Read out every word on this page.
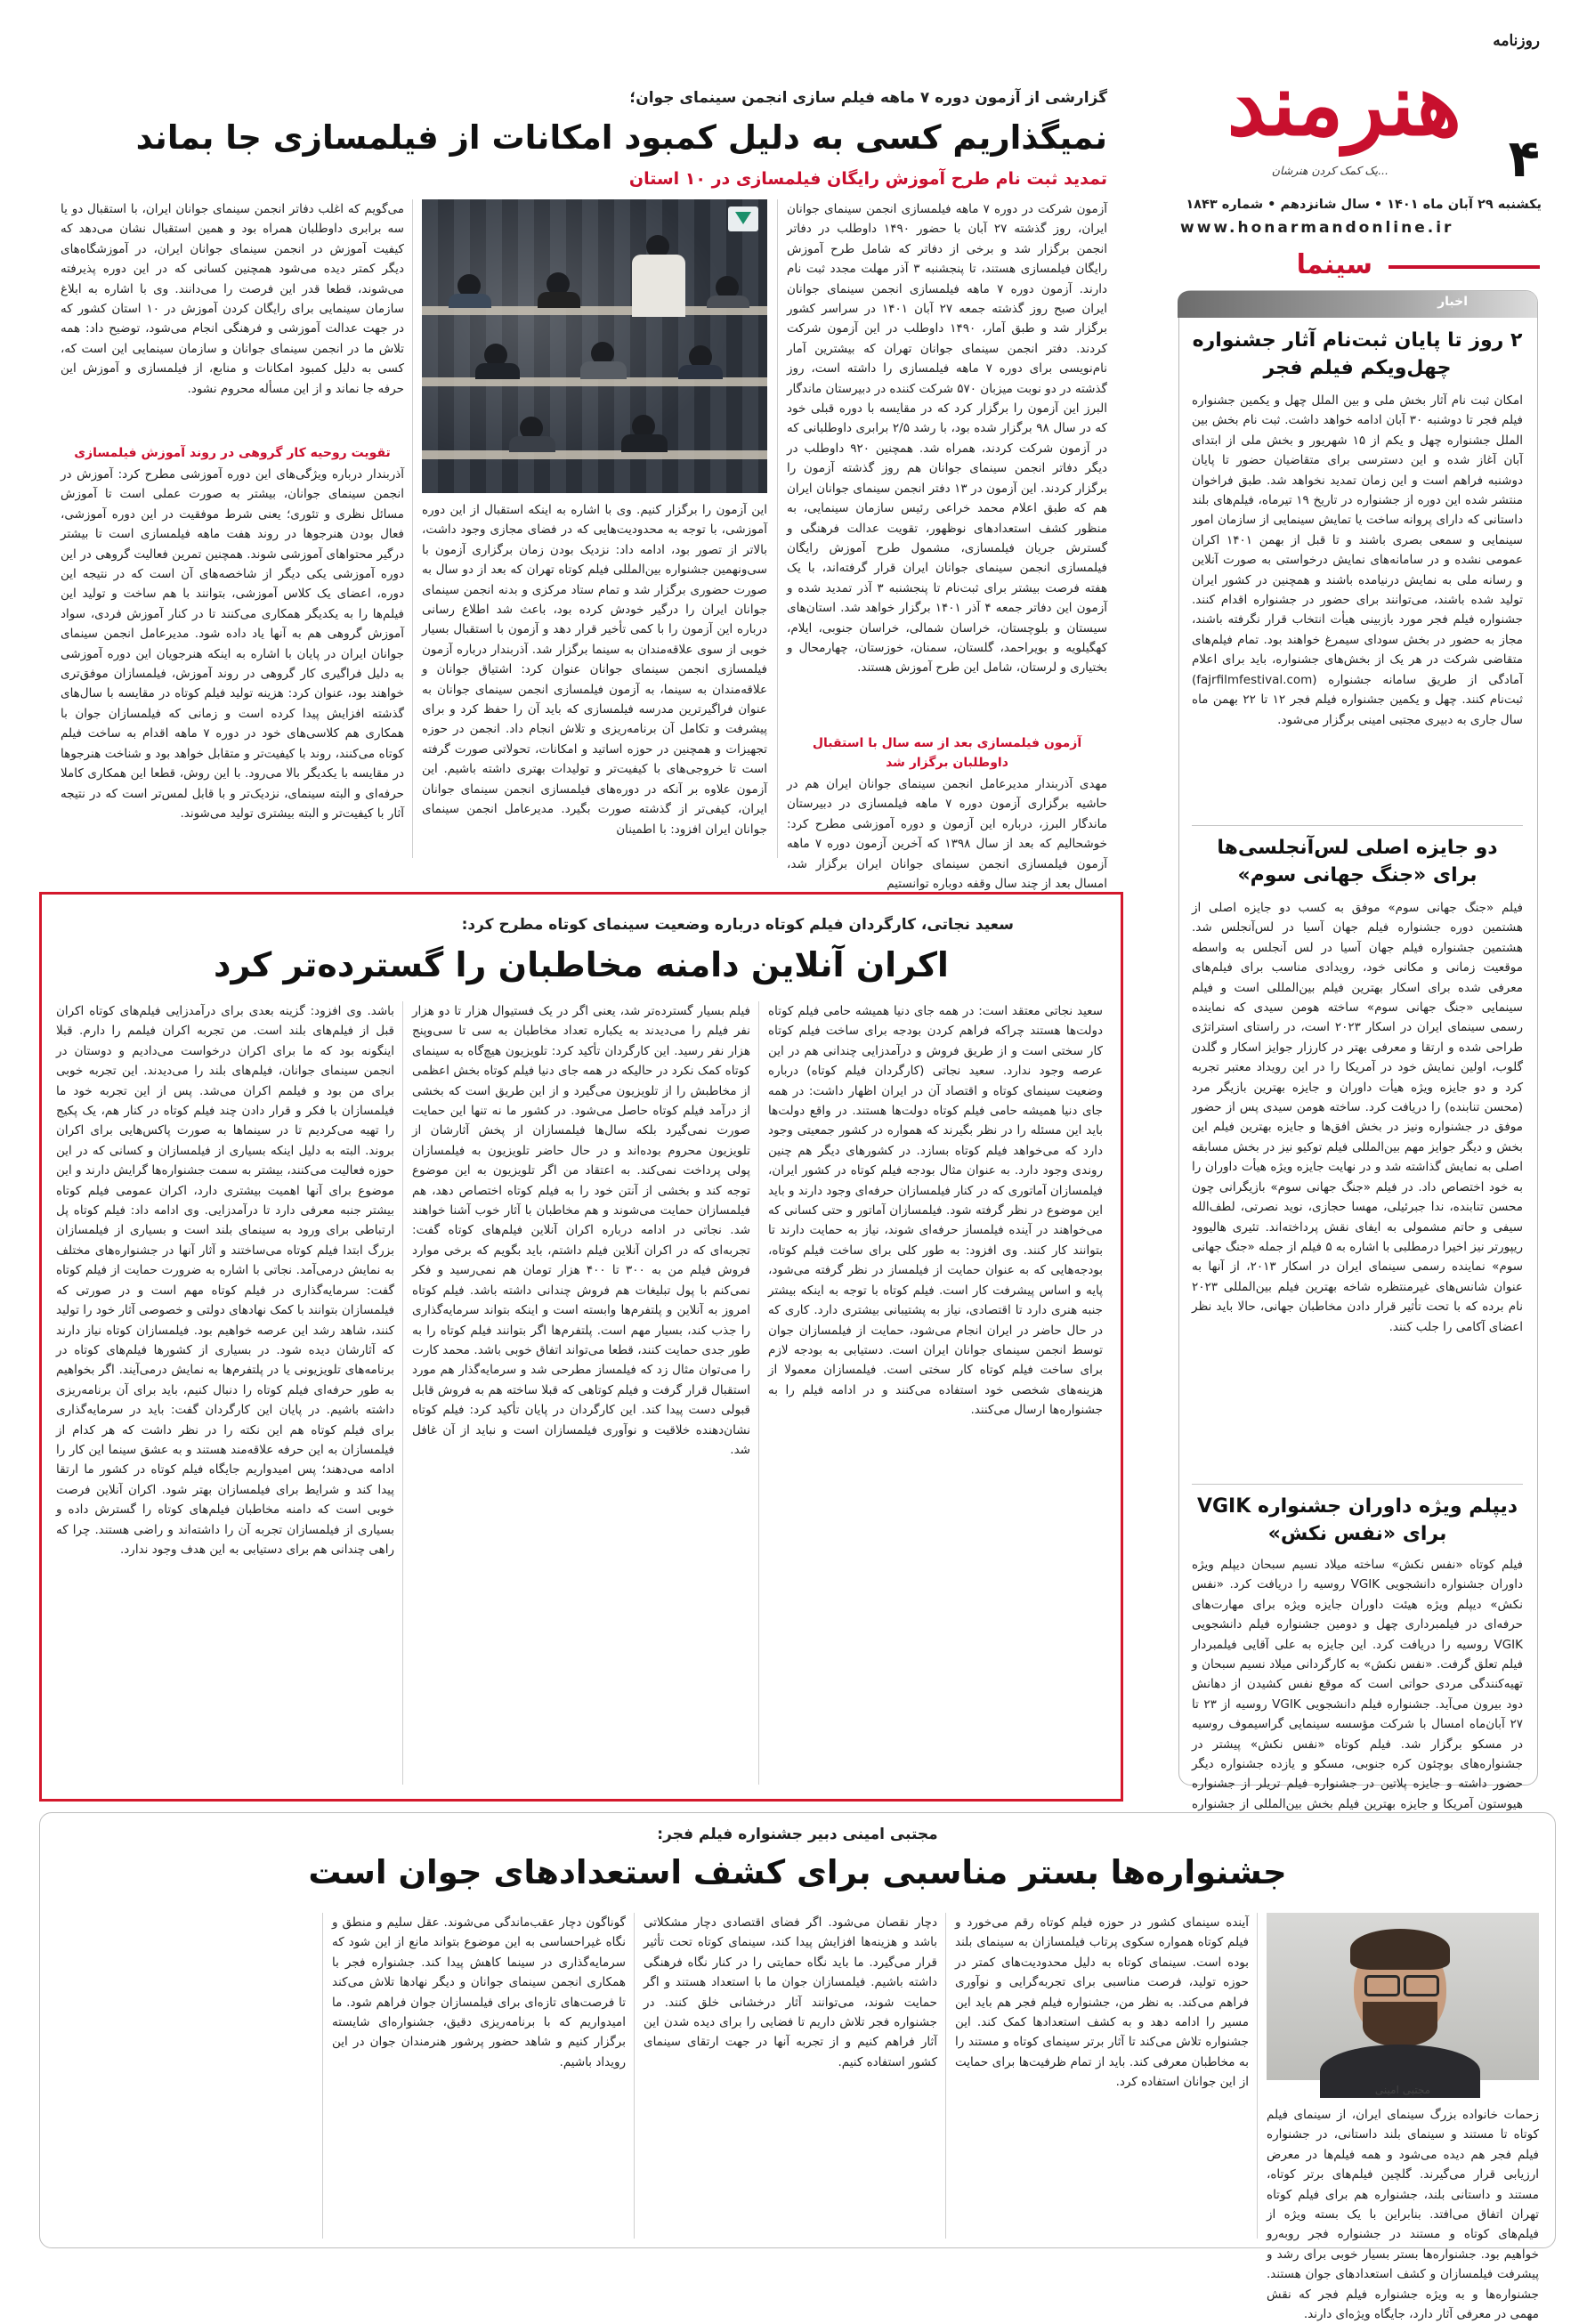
روزنامه
هنرمند
...یک کمک کردن هنرشان ۴
یکشنبه ۲۹ آبان ماه ۱۴۰۱ • سال شانزدهم • شماره ۱۸۴۳
www.honarmandonline.ir
سینما
اخبار
۲ روز تا پایان ثبت‌نام آثار جشنواره چهل‌ویکم فیلم فجر
امکان ثبت نام آثار بخش ملی و بین الملل چهل و یکمین جشنواره فیلم فجر تا دوشنبه ۳۰ آبان ادامه خواهد داشت. ثبت نام بخش بین الملل جشنواره چهل و یکم از ۱۵ شهریور و بخش ملی از ابتدای آبان آغاز شده و این دسترسی برای متقاضیان حضور تا پایان دوشنبه فراهم است و این زمان تمدید نخواهد شد. طبق فراخوان منتشر شده این دوره از جشنواره در تاریخ ۱۹ تیرماه، فیلم‌های بلند داستانی که دارای پروانه ساخت یا تمایش سینمایی از سازمان امور سینمایی و سمعی بصری باشند و تا قبل از بهمن ۱۴۰۱ اکران عمومی نشده و در سامانه‌های نمایش درخواستی به صورت آنلاین و رسانه ملی به نمایش درنیامده باشند و همچنین در کشور ایران تولید شده باشند، می‌توانند برای حضور در جشنواره اقدام کنند. جشنواره فیلم فجر مورد بازبینی هیأت انتخاب قرار نگرفته باشند، مجاز به حضور در بخش سودای سیمرغ خواهند بود. تمام فیلم‌های متقاضی شرکت در هر یک از بخش‌های جشنواره، باید برای اعلام آمادگی از طریق سامانه جشنواره (fajrfilmfestival.com) ثبت‌نام کنند. چهل و یکمین جشنواره فیلم فجر ۱۲ تا ۲۲ بهمن ماه سال جاری به دبیری مجتبی امینی برگزار می‌شود.
دو جایزه اصلی لس‌آنجلسی‌ها برای «جنگ جهانی سوم»
فیلم «جنگ جهانی سوم» موفق به کسب دو جایزه اصلی از هشتمین دوره جشنواره فیلم جهان آسیا در لس‌آنجلس شد. هشتمین جشنواره فیلم جهان آسیا در لس آنجلس به واسطه موقعیت زمانی و مکانی خود، رویدادی مناسب برای فیلم‌های معرفی شده برای اسکار بهترین فیلم بین‌المللی است و فیلم سینمایی «جنگ جهانی سوم» ساخته هومن سیدی که نماینده رسمی سینمای ایران در اسکار ۲۰۲۳ است، در راستای استراتژی طراحی شده و ارتقا و معرفی بهتر در کارزار جوایز اسکار و گلدن گلوب، اولین نمایش خود در آمریکا را در این رویداد معتبر تجربه کرد و دو جایزه ویژه هیأت داوران و جایزه بهترین بازیگر مرد (محسن تنابنده) را دریافت کرد. ساخته هومن سیدی پس از حضور موفق در جشنواره ونیز در بخش افق‌ها و جایزه بهترین فیلم این بخش و دیگر جوایز مهم بین‌المللی فیلم توکیو نیز در بخش مسابقه اصلی به نمایش گذاشته شد و در نهایت جایزه ویژه هیأت داوران را به خود اختصاص داد. در فیلم «جنگ جهانی سوم» بازیگرانی چون محسن تنابنده، ندا جبرئیلی، مهسا حجازی، نوید نصرتی، لطف‌الله سیفی و حاتم مشمولی به ایفای نقش پرداخته‌اند. تئیری هالیوود ریپورتر نیز اخیرا درمطلبی با اشاره به ۵ فیلم از جمله «جنگ جهانی سوم» نماینده رسمی سینمای ایران در اسکار ۲۰۱۳، از آنها به عنوان شانس‌های غیرمنتظره شاخه بهترین فیلم بین‌المللی ۲۰۲۳ نام برده که با تحت تأثیر قرار دادن مخاطبان جهانی، حالا باید نظر اعضای آکامی را جلب کنند.
دیپلم ویژه داوران جشنواره VGIK برای «نفس نکش»
فیلم کوتاه «نفس نکش» ساخته میلاد نسیم سبحان دیپلم ویژه داوران جشنواره دانشجویی VGIK روسیه را دریافت کرد. «نفس نکش» دیپلم ویژه هیئت داوران جایزه ویژه برای مهارت‌های حرفه‌ای در فیلمبرداری چهل و دومین جشنواره فیلم دانشجویی VGIK روسیه را دریافت کرد. این جایزه به علی آقایی فیلمبردار فیلم تعلق گرفت. «نفس نکش» به کارگردانی میلاد نسیم سبحان و تهیه‌کنندگی مردی حواتی است که موقع نفس کشیدن از دهانش دود بیرون می‌آید. جشنواره فیلم دانشجویی VGIK روسیه از ۲۳ تا ۲۷ آبان‌ماه امسال با شرکت مؤسسه سینمایی گراسیموف روسیه در مسکو برگزار شد. فیلم کوتاه «نفس نکش» پیشتر در جشنواره‌های بوچئون کره جنوبی، مسکو و یازده جشنواره دیگر حضور داشته و جایزه پلاتین در جشنواره فیلم تریلر از جشنواره هیوستون آمریکا و جایزه بهترین فیلم بخش بین‌المللی از جشنواره
گزارشی از آزمون دوره ۷ ماهه فیلم سازی انجمن سینمای جوان؛
نمیگذاریم کسی به دلیل کمبود امکانات از فیلمسازی جا بماند
تمدید ثبت نام طرح آموزش رایگان فیلمسازی در ۱۰ استان
آزمون شرکت در دوره ۷ ماهه فیلمسازی انجمن سینمای جوانان ایران، روز گذشته ۲۷ آبان با حضور ۱۴۹۰ داوطلب در دفاتر انجمن برگزار شد و برخی از دفاتر که شامل طرح آموزش رایگان فیلمسازی هستند، تا پنجشنبه ۳ آذر مهلت مجدد ثبت نام دارند. آزمون دوره ۷ ماهه فیلمسازی انجمن سینمای جوانان ایران صبح روز گذشته جمعه ۲۷ آبان ۱۴۰۱ در سراسر کشور برگزار شد و طبق آمار، ۱۴۹۰ داوطلب در این آزمون شرکت کردند. دفتر انجمن سینمای جوانان تهران که بیشترین آمار نام‌نویسی برای دوره ۷ ماهه فیلمسازی را داشته است، روز گذشته در دو نوبت میزبان ۵۷۰ شرکت کننده در دبیرستان ماندگار البرز این آزمون را برگزار کرد که در مقایسه با دوره قبلی خود که در سال ۹۸ برگزار شده بود، با رشد ۲/۵ برابری داوطلبانی که در آزمون شرکت کردند، همراه شد. همچنین ۹۲۰ داوطلب در دیگر دفاتر انجمن سینمای جوانان هم روز گذشته آزمون را برگزار کردند. این آزمون در ۱۳ دفتر انجمن سینمای جوانان ایران هم که طبق اعلام محمد خراعی رئیس سازمان سینمایی، به منظور کشف استعدادهای نوظهور، تقویت عدالت فرهنگی و گسترش جریان فیلمسازی، مشمول طرح آموزش رایگان فیلمسازی انجمن سینمای جوانان ایران قرار گرفته‌اند، با یک هفته فرصت بیشتر برای ثبت‌نام تا پنجشنبه ۳ آذر تمدید شده و آزمون این دفاتر جمعه ۴ آذر ۱۴۰۱ برگزار خواهد شد. استان‌های سیستان و بلوچستان، خراسان شمالی، خراسان جنوبی، ایلام، کهگیلویه و بویراحمد، گلستان، سمنان، خوزستان، چهارمحال و بختیاری و لرستان، شامل این طرح آموزش هستند.
آزمون فیلمسازی بعد از سه سال با استقبال داوطلبان برگزار شد
مهدی آذربندار مدیرعامل انجمن سینمای جوانان ایران هم در حاشیه برگزاری آزمون دوره ۷ ماهه فیلمسازی در دبیرستان ماندگار البرز، درباره این آزمون و دوره آموزشی مطرح کرد: خوشحالیم که بعد از سال ۱۳۹۸ که آخرین آزمون دوره ۷ ماهه آزمون فیلمسازی انجمن سینمای جوانان ایران برگزار شد، امسال بعد از چند سال وقفه دوباره توانستیم
این آزمون را برگزار کنیم. وی با اشاره به اینکه استقبال از این دوره آموزشی، با توجه به محدودیت‌هایی که در فضای مجازی وجود داشت، بالاتر از تصور بود، ادامه داد: نزدیک بودن زمان برگزاری آزمون با سی‌ونهمین جشنواره بین‌المللی فیلم کوتاه تهران که بعد از دو سال به صورت حضوری برگزار شد و تمام ستاد مرکزی و بدنه انجمن سینمای جوانان ایران را درگیر خودش کرده بود، باعث شد اطلاع رسانی درباره این آزمون را با کمی تأخیر قرار دهد و آزمون با استقبال بسیار خوبی از سوی علاقه‌مندان به سینما برگزار شد. آذربندار درباره آزمون فیلمسازی انجمن سینمای جوانان عنوان کرد: اشتیاق جوانان و علاقه‌مندان به سینما، به آزمون فیلمسازی انجمن سینمای جوانان به عنوان فراگیرترین مدرسه فیلمسازی که باید آن را حفظ کرد و برای پیشرفت و تکامل آن برنامه‌ریزی و تلاش انجام داد. انجمن در حوزه تجهیزات و همچنین در حوزه اساتید و امکانات، تحولاتی صورت گرفته است تا خروجی‌های با کیفیت‌تر و تولیدات بهتری داشته باشیم. این آزمون علاوه بر آنکه در دوره‌های فیلمسازی انجمن سینمای جوانان ایران، کیفی‌تر از گذشته صورت بگیرد. مدیرعامل انجمن سینمای جوانان ایران افزود: با اطمینان
می‌گویم که اغلب دفاتر انجمن سینمای جوانان ایران، با استقبال دو یا سه برابری داوطلبان همراه بود و همین استقبال نشان می‌دهد که کیفیت آموزش در انجمن سینمای جوانان ایران، در آموزشگاه‌های دیگر کمتر دیده می‌شود همچنین کسانی که در این دوره پذیرفته می‌شوند، قطعا قدر این فرصت را می‌دانند. وی با اشاره به ابلاغ سازمان سینمایی برای رایگان کردن آموزش در ۱۰ استان کشور که در جهت عدالت آموزشی و فرهنگی انجام می‌شود، توضیح داد: همه تلاش ما در انجمن سینمای جوانان و سازمان سینمایی این است که، کسی به دلیل کمبود امکانات و منابع، از فیلمسازی و آموزش این حرفه جا نماند و از این مسأله محروم نشود.
تقویت روحیه کار گروهی در روند آموزش فیلمسازی
آذربندار درباره ویژگی‌های این دوره آموزشی مطرح کرد: آموزش در انجمن سینمای جوانان، بیشتر به صورت عملی است تا آموزش مسائل نظری و تئوری؛ یعنی شرط موفقیت در این دوره آموزشی، فعال بودن هنرجوها در روند هفت ماهه فیلمسازی است تا بیشتر درگیر محتواهای آموزشی شوند. همچنین تمرین فعالیت گروهی در این دوره آموزشی یکی دیگر از شاخصه‌های آن است که در نتیجه این دوره، اعضای یک کلاس آموزشی، بتوانند با هم ساخت و تولید این فیلم‌ها را به یکدیگر همکاری می‌کنند تا در کنار آموزش فردی، سواد آموزش گروهی هم به آنها یاد داده شود. مدیرعامل انجمن سینمای جوانان ایران در پایان با اشاره به اینکه هنرجویان این دوره آموزشی به دلیل فراگیری کار گروهی در روند آموزش، فیلمسازان موفق‌تری خواهند بود، عنوان کرد: هزینه تولید فیلم کوتاه در مقایسه با سال‌های گذشته افزایش پیدا کرده است و زمانی که فیلمسازان جوان با همکاری هم کلاسی‌های خود در دوره ۷ ماهه اقدام به ساخت فیلم کوتاه می‌کنند، روند با کیفیت‌تر و متقابل خواهد بود و شناخت هنرجوها در مقایسه با یکدیگر بالا می‌رود. با این روش، قطعا این همکاری کاملا حرفه‌ای و البته سینمای، نزدیک‌تر و با قابل لمس‌تر است که در نتیجه آثار با کیفیت‌تر و البته بیشتری تولید می‌شوند.
سعید نجاتی، کارگردان فیلم کوتاه درباره وضعیت سینمای کوتاه مطرح کرد:
اکران آنلاین دامنه مخاطبان را گسترده‌تر کرد
سعید نجاتی معتقد است: در همه جای دنیا همیشه حامی فیلم کوتاه دولت‌ها هستند چراکه فراهم کردن بودجه برای ساخت فیلم کوتاه کار سختی است و از طریق فروش و درآمدزایی چندانی هم در این عرصه وجود ندارد. سعید نجاتی (کارگردان فیلم کوتاه) درباره وضعیت سینمای کوتاه و اقتصاد آن در ایران اظهار داشت: در همه جای دنیا همیشه حامی فیلم کوتاه دولت‌ها هستند. در واقع دولت‌ها باید این مسئله را در نظر بگیرند که همواره در کشور جمعیتی وجود دارد که می‌خواهد فیلم کوتاه بسازد. در کشورهای دیگر هم چنین روندی وجود دارد. به عنوان مثال بودجه فیلم کوتاه در کشور ایران، فیلمسازان آماتوری که در کنار فیلمسازان حرفه‌ای وجود دارند و باید این موضوع در نظر گرفته شود. فیلمسازان آماتور و حتی کسانی که می‌خواهند در آینده فیلمساز حرفه‌ای شوند، نیاز به حمایت دارند تا بتوانند کار کنند. وی افزود: به طور کلی برای ساخت فیلم کوتاه، بودجه‌هایی که به عنوان حمایت از فیلمساز در نظر گرفته می‌شود، پایه و اساس پیشرفت کار است. فیلم کوتاه با توجه به اینکه بیشتر جنبه هنری دارد تا اقتصادی، نیاز به پشتیبانی بیشتری دارد. کاری که در حال حاضر در ایران انجام می‌شود، حمایت از فیلمسازان جوان توسط انجمن سینمای جوانان ایران است. دستیابی به بودجه لازم برای ساخت فیلم کوتاه کار سختی است. فیلمسازان معمولا از هزینه‌های شخصی خود استفاده می‌کنند و در ادامه فیلم را به جشنواره‌ها ارسال می‌کنند.
فیلم بسیار گسترده‌تر شد، یعنی اگر در یک فستیوال هزار تا دو هزار نفر فیلم را می‌دیدند به یکباره تعداد مخاطبان به سی تا سی‌وپنج هزار نفر رسید. این کارگردان تأکید کرد: تلویزیون هیچ‌گاه به سینمای کوتاه کمک نکرد در حالیکه در همه جای دنیا فیلم کوتاه بخش اعظمی از مخاطبش را از تلویزیون می‌گیرد و از این طریق است که بخشی از درآمد فیلم کوتاه حاصل می‌شود. در کشور ما نه تنها این حمایت صورت نمی‌گیرد بلکه سال‌ها فیلمسازان از پخش آثارشان از تلویزیون محروم بوده‌اند و در حال حاضر تلویزیون به فیلمسازان پولی پرداخت نمی‌کند. به اعتقاد من اگر تلویزیون به این موضوع توجه کند و بخشی از آنتن خود را به فیلم کوتاه اختصاص دهد، هم فیلمسازان حمایت می‌شوند و هم مخاطبان با آثار خوب آشنا خواهند شد. نجاتی در ادامه درباره اکران آنلاین فیلم‌های کوتاه گفت: تجربه‌ای که در اکران آنلاین فیلم داشتم، باید بگویم که برخی موارد فروش فیلم من به ۳۰۰ تا ۴۰۰ هزار تومان هم نمی‌رسید و فکر نمی‌کنم با پول تبلیغات هم فروش چندانی داشته باشد. فیلم کوتاه امروز به آنلاین و پلتفرم‌ها وابسته است و اینکه بتواند سرمایه‌گذاری را جذب کند، بسیار مهم است. پلتفرم‌ها اگر بتوانند فیلم کوتاه را به طور جدی حمایت کنند، قطعا می‌تواند اتفاق خوبی باشد. محمد کارت را می‌توان مثال زد که فیلمساز مطرحی شد و سرمایه‌گذار هم مورد استقبال قرار گرفت و فیلم کوتاهی که قبلا ساخته هم به فروش قابل قبولی دست پیدا کند. این کارگردان در پایان تأکید کرد: فیلم کوتاه نشان‌دهنده خلاقیت و نوآوری فیلمسازان است و نباید از آن غافل شد.
باشد. وی افزود: گزینه بعدی برای درآمدزایی فیلم‌های کوتاه اکران قبل از فیلم‌های بلند است. من تجربه اکران فیلمم را دارم. قبلا اینگونه بود که ما برای اکران درخواست می‌دادیم و دوستان در انجمن سینمای جوانان، فیلم‌های بلند را می‌دیدند. این تجربه خوبی برای من بود و فیلمم اکران می‌شد. پس از این تجربه خود ما فیلمسازان با فکر و قرار دادن چند فیلم کوتاه در کنار هم، یک پکیج را تهیه می‌کردیم تا در سینماها به صورت پاکس‌هایی برای اکران بروند. البته به دلیل اینکه بسیاری از فیلمسازان و کسانی که در این حوزه فعالیت می‌کنند، بیشتر به سمت جشنواره‌ها گرایش دارند و این موضوع برای آنها اهمیت بیشتری دارد، اکران عمومی فیلم کوتاه بیشتر جنبه معرفی دارد تا درآمدزایی. وی ادامه داد: فیلم کوتاه پل ارتباطی برای ورود به سینمای بلند است و بسیاری از فیلمسازان بزرگ ابتدا فیلم کوتاه می‌ساختند و آثار آنها در جشنواره‌های مختلف به نمایش درمی‌آمد. نجاتی با اشاره به ضرورت حمایت از فیلم کوتاه گفت: سرمایه‌گذاری در فیلم کوتاه مهم است و در صورتی که فیلمسازان بتوانند با کمک نهادهای دولتی و خصوصی آثار خود را تولید کنند، شاهد رشد این عرصه خواهیم بود. فیلمسازان کوتاه نیاز دارند که آثارشان دیده شود. در بسیاری از کشورها فیلم‌های کوتاه در برنامه‌های تلویزیونی یا در پلتفرم‌ها به نمایش درمی‌آیند. اگر بخواهیم به طور حرفه‌ای فیلم کوتاه را دنبال کنیم، باید برای آن برنامه‌ریزی داشته باشیم. در پایان این کارگردان گفت: باید در سرمایه‌گذاری برای فیلم کوتاه هم این نکته را در نظر داشت که هر کدام از فیلمسازان به این حرفه علاقه‌مند هستند و به عشق سینما این کار را ادامه می‌دهند؛ پس امیدواریم جایگاه فیلم کوتاه در کشور ما ارتقا پیدا کند و شرایط برای فیلمسازان بهتر شود. اکران آنلاین فرصت خوبی است که دامنه مخاطبان فیلم‌های کوتاه را گسترش داده و بسیاری از فیلمسازان تجربه آن را داشته‌اند و راضی هستند. چرا که راهی چندانی هم برای دستیابی به این هدف وجود ندارد.
مجتبی امینی دبیر جشنواره فیلم فجر:
جشنواره‌ها بستر مناسبی برای کشف استعدادهای جوان است
مجتبی امینی
زحمات خانواده بزرگ سینمای ایران، از سینمای فیلم کوتاه تا مستند و سینمای بلند داستانی، در جشنواره فیلم فجر هم دیده می‌شود و همه فیلم‌ها در معرض ارزیابی قرار می‌گیرند. گلچین فیلم‌های برتر کوتاه، مستند و داستانی بلند، جشنواره هم برای فیلم کوتاه تهران اتفاق می‌افتد. بنابراین با یک بسته ویژه از فیلم‌های کوتاه و مستند در جشنواره فجر روبه‌رو خواهیم بود. جشنواره‌ها بستر بسیار خوبی برای رشد و پیشرفت فیلمسازان و کشف استعدادهای جوان هستند. جشنواره‌ها و به ویژه جشنواره فیلم فجر که نقش مهمی در معرفی آثار دارد، جایگاه ویژه‌ای دارند.
آینده سینمای کشور در حوزه فیلم کوتاه رقم می‌خورد و فیلم کوتاه همواره سکوی پرتاب فیلمسازان به سینمای بلند بوده است. سینمای کوتاه به دلیل محدودیت‌های کمتر در حوزه تولید، فرصت مناسبی برای تجربه‌گرایی و نوآوری فراهم می‌کند. به نظر من، جشنواره فیلم فجر هم باید این مسیر را ادامه دهد و به کشف استعدادها کمک کند. این جشنواره تلاش می‌کند تا آثار برتر سینمای کوتاه و مستند را به مخاطبان معرفی کند. باید از تمام ظرفیت‌ها برای حمایت از این جوانان استفاده کرد.
دچار نقصان می‌شود. اگر فضای اقتصادی دچار مشکلاتی باشد و هزینه‌ها افزایش پیدا کند، سینمای کوتاه تحت تأثیر قرار می‌گیرد. ما باید نگاه حمایتی را در کنار نگاه فرهنگی داشته باشیم. فیلمسازان جوان ما با استعداد هستند و اگر حمایت شوند، می‌توانند آثار درخشانی خلق کنند. در جشنواره فجر تلاش داریم تا فضایی را برای دیده شدن این آثار فراهم کنیم و از تجربه آنها در جهت ارتقای سینمای کشور استفاده کنیم.
گوناگون دچار عقب‌ماندگی می‌شوند. عقل سلیم و منطق و نگاه غیراحساسی به این موضوع بتواند مانع از این شود که سرمایه‌گذاری در سینما کاهش پیدا کند. جشنواره فجر با همکاری انجمن سینمای جوانان و دیگر نهادها تلاش می‌کند تا فرصت‌های تازه‌ای برای فیلمسازان جوان فراهم شود. ما امیدواریم که با برنامه‌ریزی دقیق، جشنواره‌ای شایسته برگزار کنیم و شاهد حضور پرشور هنرمندان جوان در این رویداد باشیم.
